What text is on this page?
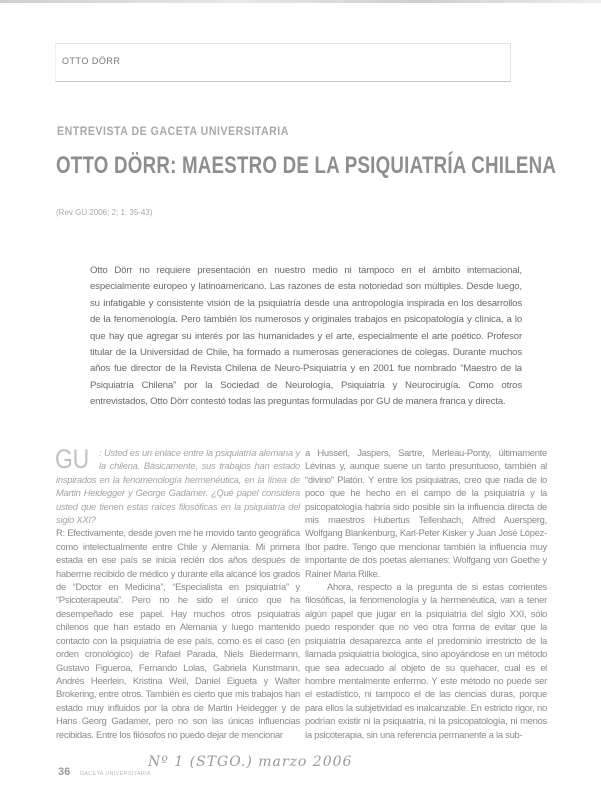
OTTO DÖRR
ENTREVISTA DE GACETA UNIVERSITARIA
OTTO DÖRR: MAESTRO DE LA PSIQUIATRÍA CHILENA
(Rev GU 2006; 2; 1: 35-43)
Otto Dörr no requiere presentación en nuestro medio ni tampoco en el ámbito internacional, especialmente europeo y latinoamericano. Las razones de esta notoriedad son múltiples. Desde luego, su infatigable y consistente visión de la psiquiatría desde una antropología inspirada en los desarrollos de la fenomenología. Pero también los numerosos y originales trabajos en psicopatología y clínica, a lo que hay que agregar su interés por las humanidades y el arte, especialmente el arte poético. Profesor titular de la Universidad de Chile, ha formado a numerosas generaciones de colegas. Durante muchos años fue director de la Revista Chilena de Neuro-Psiquiatría y en 2001 fue nombrado “Maestro de la Psiquiatría Chilena” por la Sociedad de Neurología, Psiquiatría y Neurocirugía. Como otros entrevistados, Otto Dörr contestó todas las preguntas formuladas por GU de manera franca y directa.

GU : Usted es un enlace entre la psiquiatría alemana y la chilena. Básicamente, sus trabajos han estado inspirados en la fenomenología hermenéutica, en la línea de Martin Heidegger y George Gadamer. ¿Qué papel considera usted que tienen estas raíces filosóficas en la psiquiatría del siglo XXI?

R: Efectivamente, desde joven me he movido tanto geográfica como intelectualmente entre Chile y Alemania. Mi primera estada en ese país se inicia recién dos años después de haberme recibido de médico y durante ella alcancé los grados de “Doctor en Medicina”, “Especialista en psiquiatría” y “Psicoterapeuta”. Pero no he sido el único que ha desempeñado ese papel. Hay muchos otros psiquiatras chilenos que han estado en Alemania y luego mantenido contacto con la psiquiatría de ese país, como es el caso (en orden cronológico) de Rafael Parada, Niels Biedermann, Gustavo Figueroa, Fernando Lolas, Gabriela Kunstmann, Andrés Heerlein, Kristina Weil, Daniel Eigueta y Walter Brokering, entre otros. También es cierto que mis trabajos han estado muy influidos por la obra de Martin Heidegger y de Hans Georg Gadamer, pero no son las únicas influencias recibidas. Entre los filósofos no puedo dejar de mencionar

a Husserl, Jaspers, Sartre, Merleau-Ponty, últimamente Lévinas y, aunque suene un tanto presuntuoso, también al “divino” Platón. Y entre los psiquiatras, creo que nada de lo poco que he hecho en el campo de la psiquiatría y la psicopatología habría sido posible sin la influencia directa de mis maestros Hubertus Tellenbach, Alfred Auersperg, Wolfgang Blankenburg, Karl-Peter Kisker y Juan José López-Ibor padre. Tengo que mencionar también la influencia muy importante de dos poetas alemanes: Wolfgang von Goethe y Rainer Maria Rilke.

Ahora, respecto a la pregunta de si estas corrientes filosóficas, la fenomenología y la hermenéutica, van a tener algún papel que jugar en la psiquiatría del siglo XXI, sólo puedo responder que no veo otra forma de evitar que la psiquiatría desaparezca ante el predominio irrestricto de la llamada psiquiatría biológica, sino apoyándose en un método que sea adecuado al objeto de su quehacer, cual es el hombre mentalmente enfermo. Y este método no puede ser el estadístico, ni tampoco el de las ciencias duras, porque para ellos la subjetividad es inalcanzable. En estricto rigor, no podrían existir ni la psiquiatría, ni la psicopatología, ni menos la psicoterapia, sin una referencia permanente a la sub-

36 GACETA UNIVERSITARIA
Nº 1 (STGO.) marzo 2006
